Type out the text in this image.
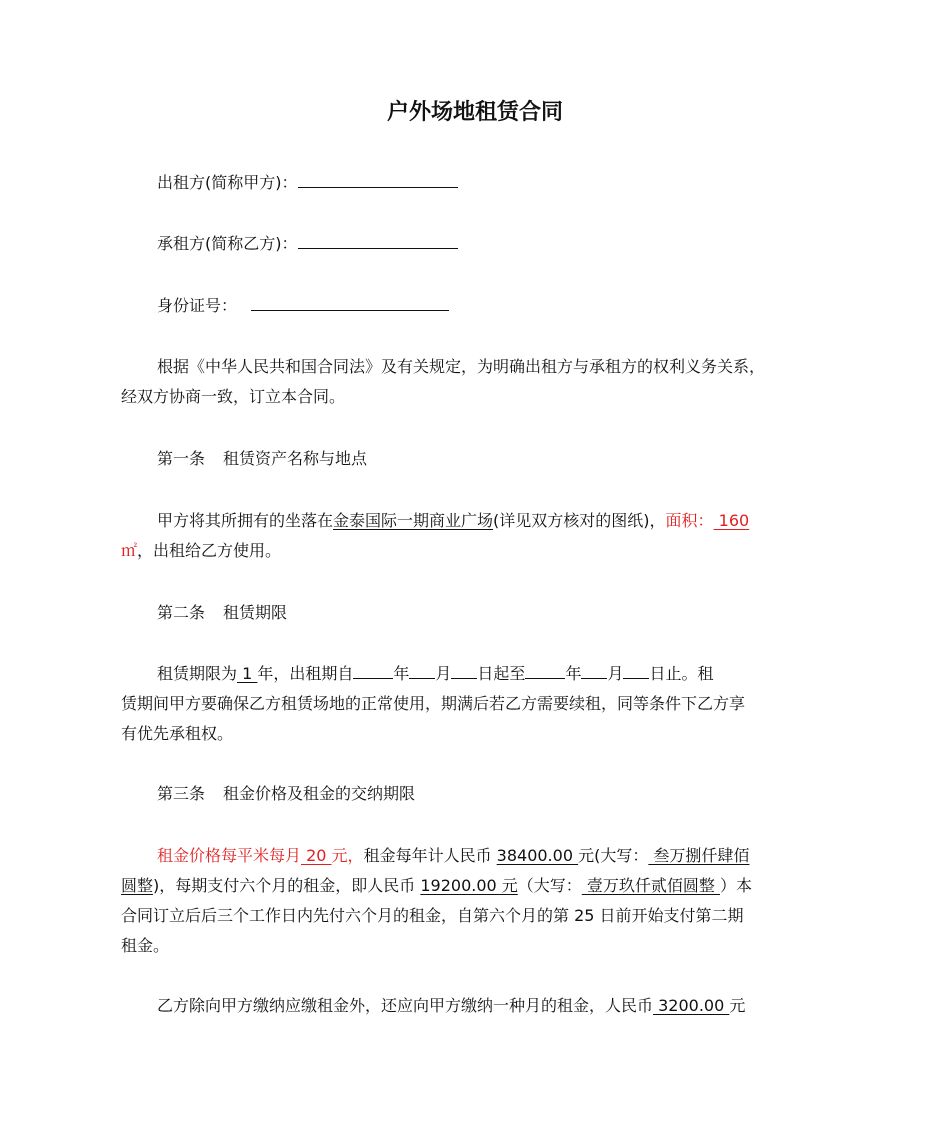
户外场地租赁合同
出租方(简称甲方)：
承租方(简称乙方)：
身份证号：
根据《中华人民共和国合同法》及有关规定，为明确出租方与承租方的权利义务关系，
经双方协商一致，订立本合同。
第一条 租赁资产名称与地点
甲方将其所拥有的坐落在金泰国际一期商业广场(详见双方核对的图纸)，面积： 160
㎡，出租给乙方使用。
第二条 租赁期限
租赁期限为 1 年，出租期自	年 月 日起至	年 月 日止。租
赁期间甲方要确保乙方租赁场地的正常使用，期满后若乙方需要续租，同等条件下乙方享
有优先承租权。
第三条 租金价格及租金的交纳期限
租金价格每平米每月 20 元，租金每年计人民币 38400.00 元(大写： 叁万捌仟肆佰
圆整)，每期支付六个月的租金，即人民币 19200.00 元（大写： 壹万玖仟贰佰圆整 ）本
合同订立后后三个工作日内先付六个月的租金，自第六个月的第 25 日前开始支付第二期
租金。
乙方除向甲方缴纳应缴租金外，还应向甲方缴纳一种月的租金，人民币 3200.00 元
